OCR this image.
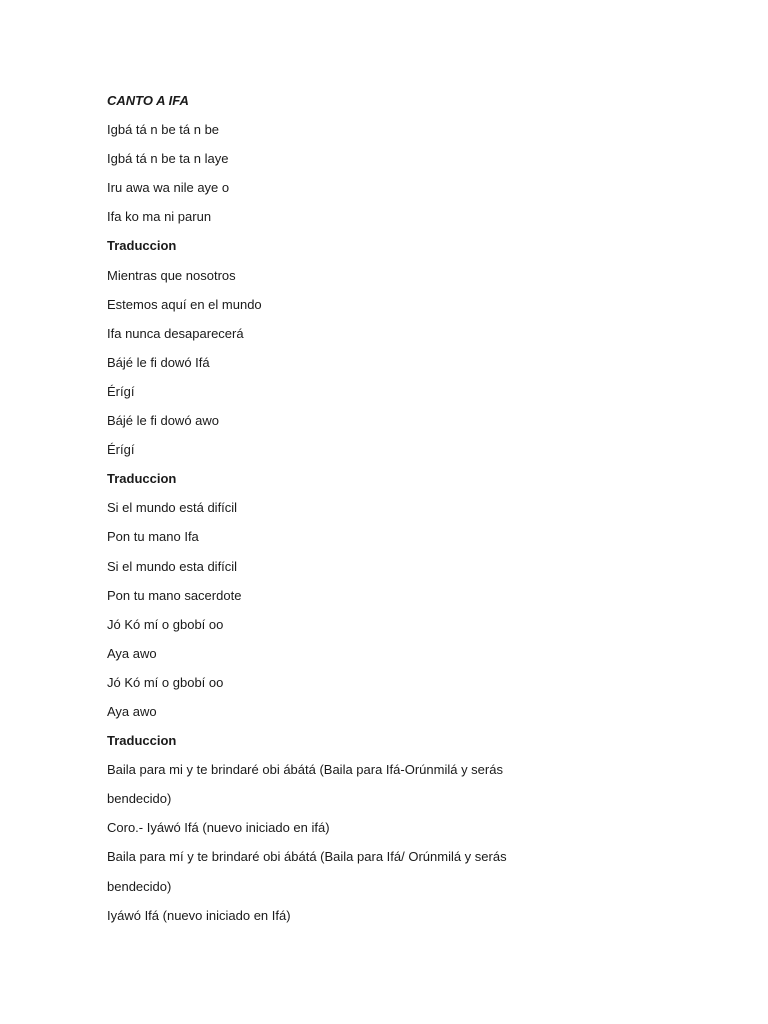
CANTO A IFA
Igbá tá n be tá n be
Igbá tá n be ta n laye
Iru awa wa nile aye o
Ifa ko ma ni parun
Traduccion
Mientras que nosotros
Estemos aquí en el mundo
Ifa nunca desaparecerá
Bájé le fi dowó Ifá
Érígí
Bájé le fi dowó awo
Érígí
Traduccion
Si el mundo está difícil
Pon tu mano Ifa
Si el mundo esta difícil
Pon tu mano sacerdote
Jó Kó mí o gbobí oo
Aya awo
Jó Kó mí o gbobí oo
Aya awo
Traduccion
Baila para mi y te brindaré obi ábátá (Baila para Ifá-Orúnmilá y serás
bendecido)
Coro.- Iyáwó Ifá (nuevo iniciado en ifá)
Baila para mí y te brindaré obi ábátá (Baila para Ifá/ Orúnmilá y serás
bendecido)
Iyáwó Ifá (nuevo iniciado en Ifá)
